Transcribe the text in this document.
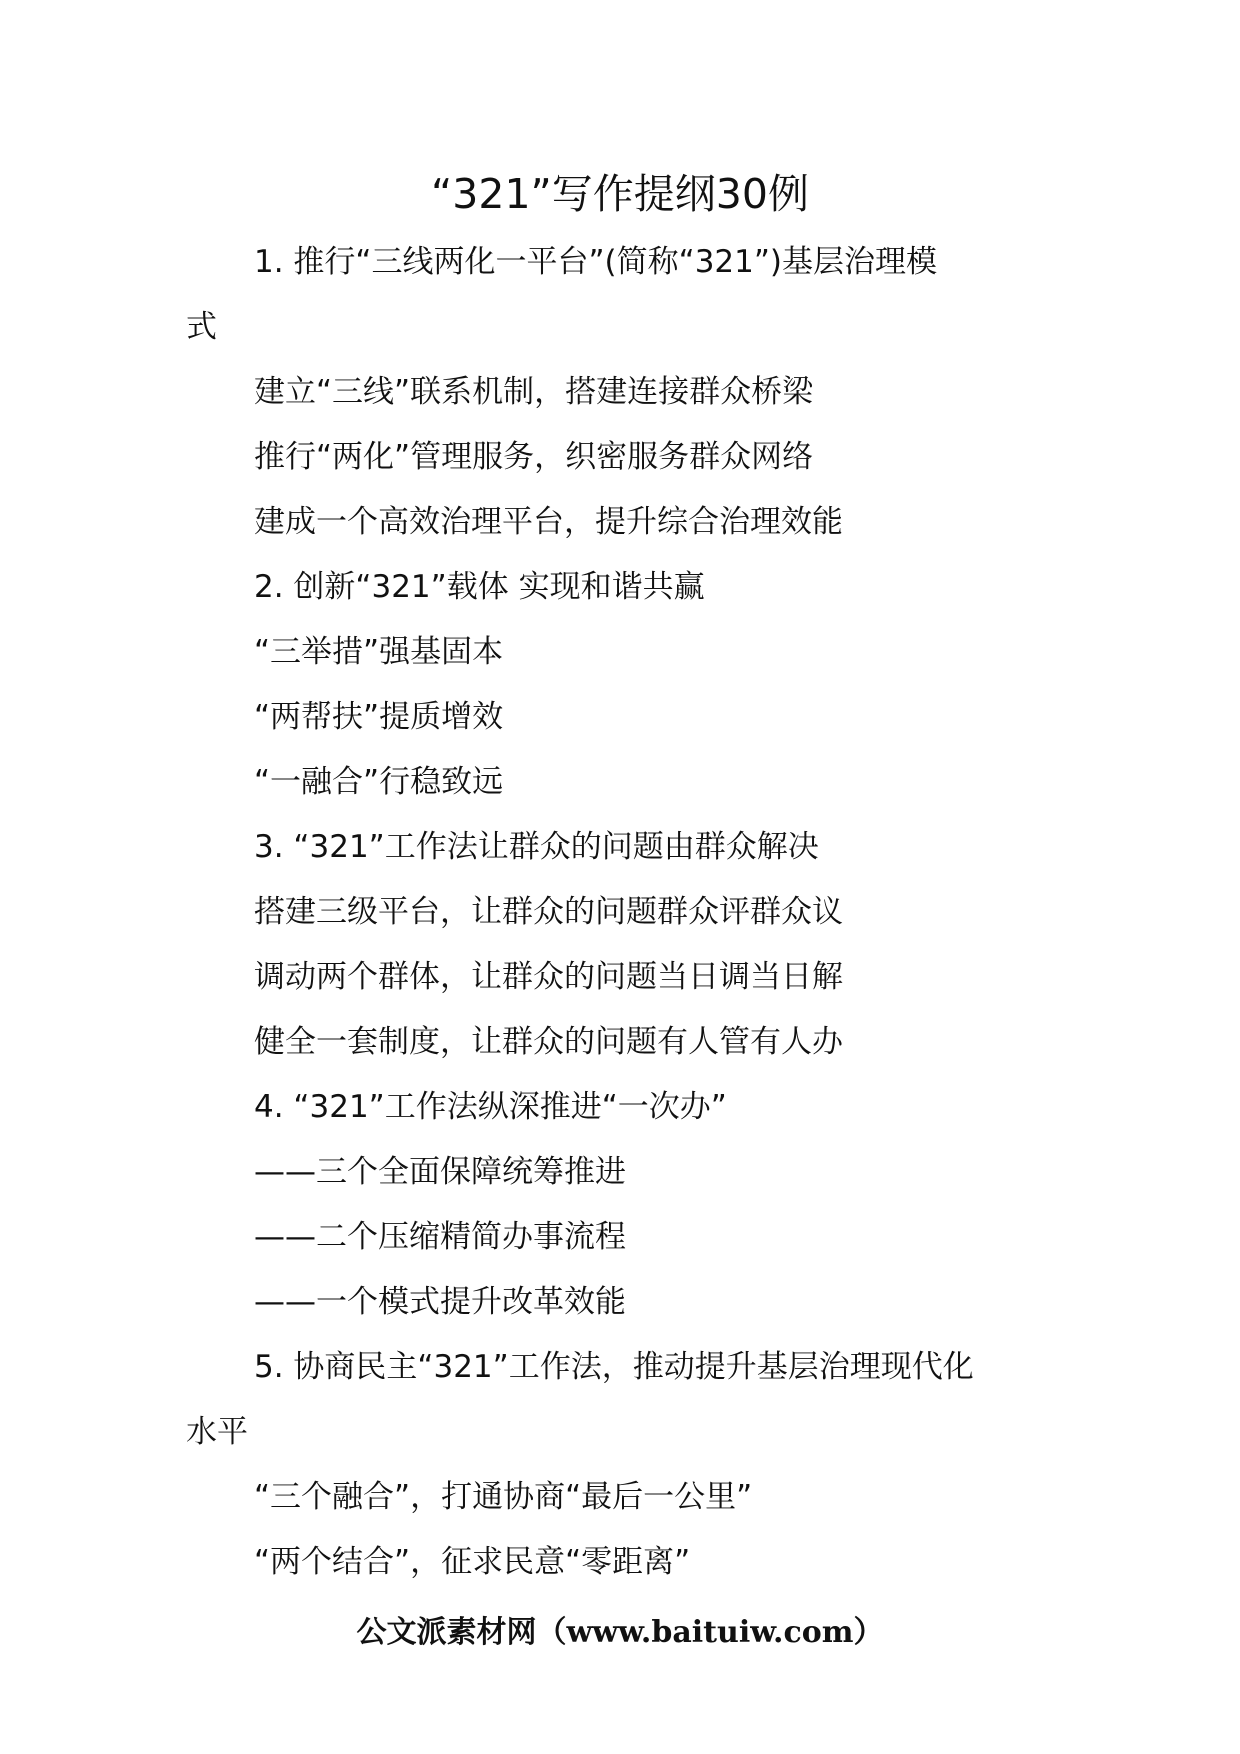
“321”写作提纲30例
1. 推行“三线两化一平台”(简称“321”)基层治理模
式
建立“三线”联系机制，搭建连接群众桥梁
推行“两化”管理服务，织密服务群众网络
建成一个高效治理平台，提升综合治理效能
2. 创新“321”载体 实现和谐共赢
“三举措”强基固本
“两帮扶”提质增效
“一融合”行稳致远
3. “321”工作法让群众的问题由群众解决
搭建三级平台，让群众的问题群众评群众议
调动两个群体，让群众的问题当日调当日解
健全一套制度，让群众的问题有人管有人办
4. “321”工作法纵深推进“一次办”
——三个全面保障统筹推进
——二个压缩精简办事流程
——一个模式提升改革效能
5. 协商民主“321”工作法，推动提升基层治理现代化
水平
“三个融合”，打通协商“最后一公里”
“两个结合”，征求民意“零距离”
公文派素材网（www.baituiw.com）
